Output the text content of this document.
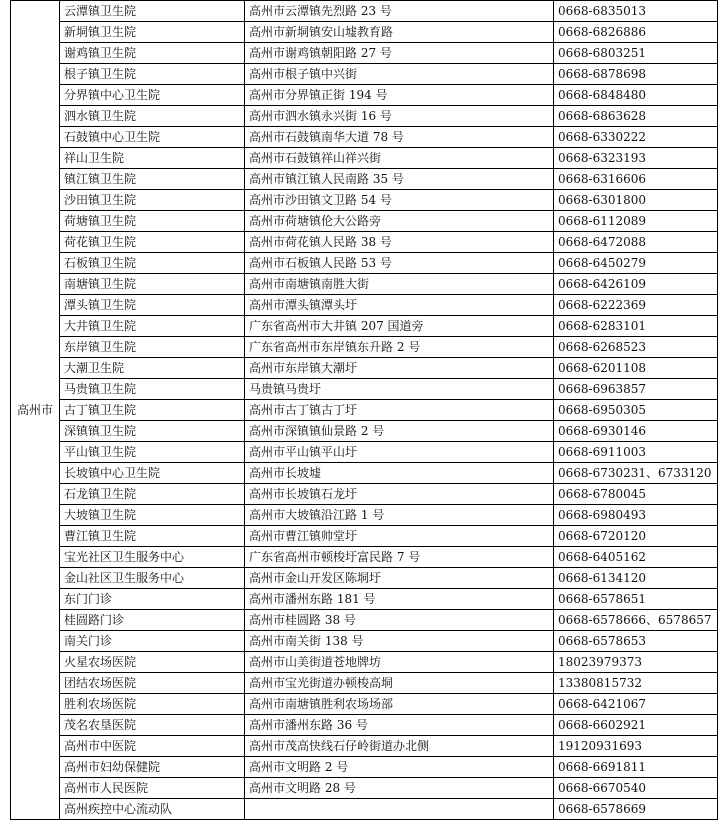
高州市	云潭镇卫生院	高州市云潭镇先烈路 23 号	0668-6835013
	新垌镇卫生院	高州市新垌镇安山墟教育路	0668-6826886
	谢鸡镇卫生院	高州市谢鸡镇朝阳路 27 号	0668-6803251
	根子镇卫生院	高州市根子镇中兴街	0668-6878698
	分界镇中心卫生院	高州市分界镇正街 194 号	0668-6848480
	泗水镇卫生院	高州市泗水镇永兴街 16 号	0668-6863628
	石鼓镇中心卫生院	高州市石鼓镇南华大道 78 号	0668-6330222
	祥山卫生院	高州市石鼓镇祥山祥兴街	0668-6323193
	镇江镇卫生院	高州市镇江镇人民南路 35 号	0668-6316606
	沙田镇卫生院	高州市沙田镇文卫路 54 号	0668-6301800
	荷塘镇卫生院	高州市荷塘镇伦大公路旁	0668-6112089
	荷花镇卫生院	高州市荷花镇人民路 38 号	0668-6472088
	石板镇卫生院	高州市石板镇人民路 53 号	0668-6450279
	南塘镇卫生院	高州市南塘镇南胜大街	0668-6426109
	潭头镇卫生院	高州市潭头镇潭头圩	0668-6222369
	大井镇卫生院	广东省高州市大井镇 207 国道旁	0668-6283101
	东岸镇卫生院	广东省高州市东岸镇东升路 2 号	0668-6268523
	大潮卫生院	高州市东岸镇大潮圩	0668-6201108
	马贵镇卫生院	马贵镇马贵圩	0668-6963857
	古丁镇卫生院	高州市古丁镇古丁圩	0668-6950305
	深镇镇卫生院	高州市深镇镇仙景路 2 号	0668-6930146
	平山镇卫生院	高州市平山镇平山圩	0668-6911003
	长坡镇中心卫生院	高州市长坡墟	0668-6730231、6733120
	石龙镇卫生院	高州市长坡镇石龙圩	0668-6780045
	大坡镇卫生院	高州市大坡镇沿江路 1 号	0668-6980493
	曹江镇卫生院	高州市曹江镇帅堂圩	0668-6720120
	宝光社区卫生服务中心	广东省高州市顿梭圩富民路 7 号	0668-6405162
	金山社区卫生服务中心	高州市金山开发区陈垌圩	0668-6134120
	东门门诊	高州市潘州东路 181 号	0668-6578651
	桂圆路门诊	高州市桂圆路 38 号	0668-6578666、6578657
	南关门诊	高州市南关街 138 号	0668-6578653
	火星农场医院	高州市山美街道苍地牌坊	18023979373
	团结农场医院	高州市宝光街道办顿梭高垌	13380815732
	胜利农场医院	高州市南塘镇胜利农场场部	0668-6421067
	茂名农垦医院	高州市潘州东路 36 号	0668-6602921
	高州市中医院	高州市茂高快线石仔岭街道办北侧	19120931693
	高州市妇幼保健院	高州市文明路 2 号	0668-6691811
	高州市人民医院	高州市文明路 28 号	0668-6670540
	高州疾控中心流动队		0668-6578669
